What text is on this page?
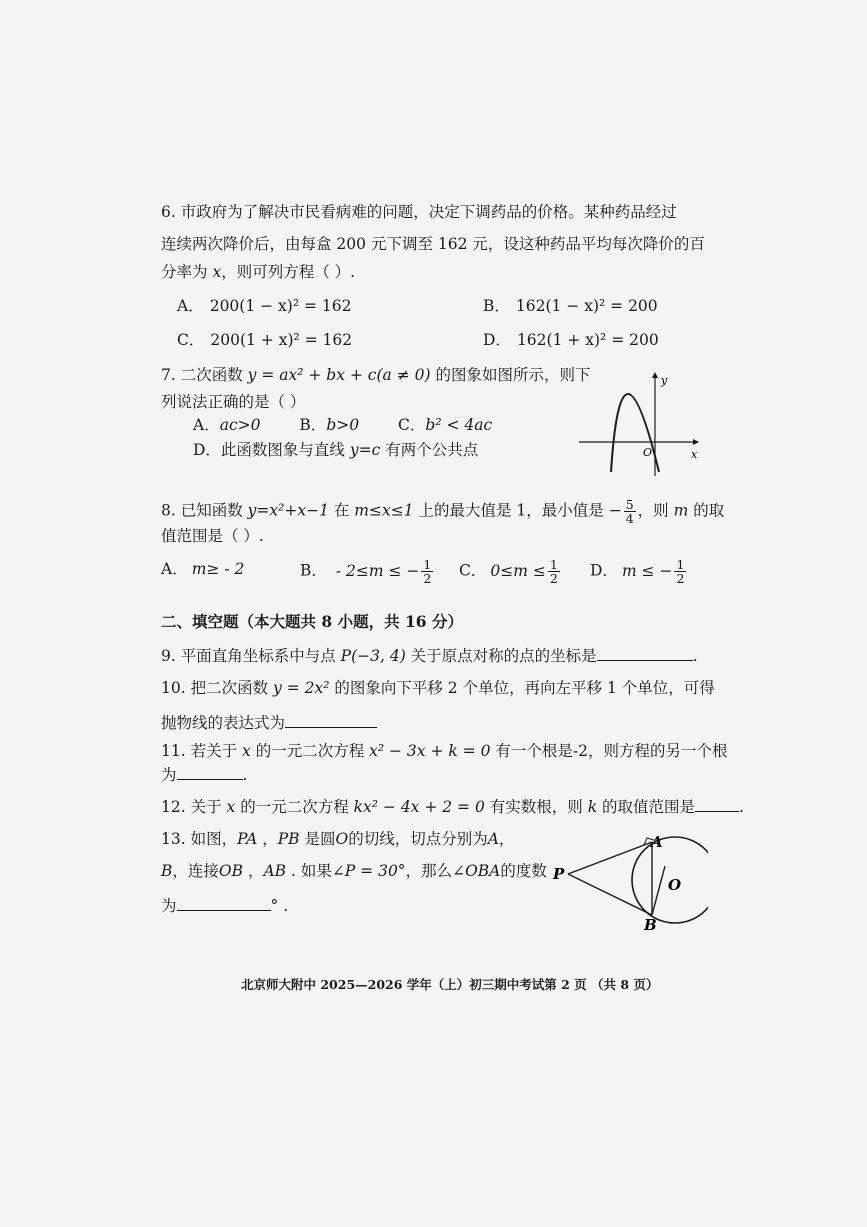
6. 市政府为了解决市民看病难的问题，决定下调药品的价格。某种药品经过
连续两次降价后，由每盒 200 元下调至 162 元，设这种药品平均每次降价的百
分率为 x，则可列方程（ ）.
A． 200(1 − x)² = 162	B． 162(1 − x)² = 200
C． 200(1 + x)² = 162	D． 162(1 + x)² = 200
7. 二次函数 y = ax² + bx + c(a ≠ 0) 的图象如图所示，则下
列说法正确的是（ ）
A．ac>0	B．b>0	C．b² < 4ac
D．此函数图象与直线 y=c 有两个公共点
y
x
O
8. 已知函数 y=x²+x−1 在 m≤x≤1 上的最大值是 1，最小值是 − $\frac{5}{4}$ ，则 m 的取
值范围是（ ）.
A． m≥ - 2	B． - 2≤m ≤ − $\frac{1}{2}$ C． $0\le m \le \frac{1}{2}$ D． m ≤ − $\frac{1}{2}$
二、填空题（本大题共 8 小题，共 16 分）
9. 平面直角坐标系中与点 P(−3, 4) 关于原点对称的点的坐标是	.
10. 把二次函数 y = 2x² 的图象向下平移 2 个单位，再向左平移 1 个单位，可得
抛物线的表达式为
11. 若关于 x 的一元二次方程 x² − 3x + k = 0 有一个根是-2，则方程的另一个根
为	.
12. 关于 x 的一元二次方程 kx² − 4x + 2 = 0 有实数根，则 k 的取值范围是	.
13. 如图，PA ，PB 是圆O的切线，切点分别为A，
B，连接OB ，AB . 如果∠P = 30°，那么∠OBA的度数
为	° .
P
A
B
O
北京师大附中 2025—2026 学年（上）初三期中考试第 2 页 （共 8 页）
